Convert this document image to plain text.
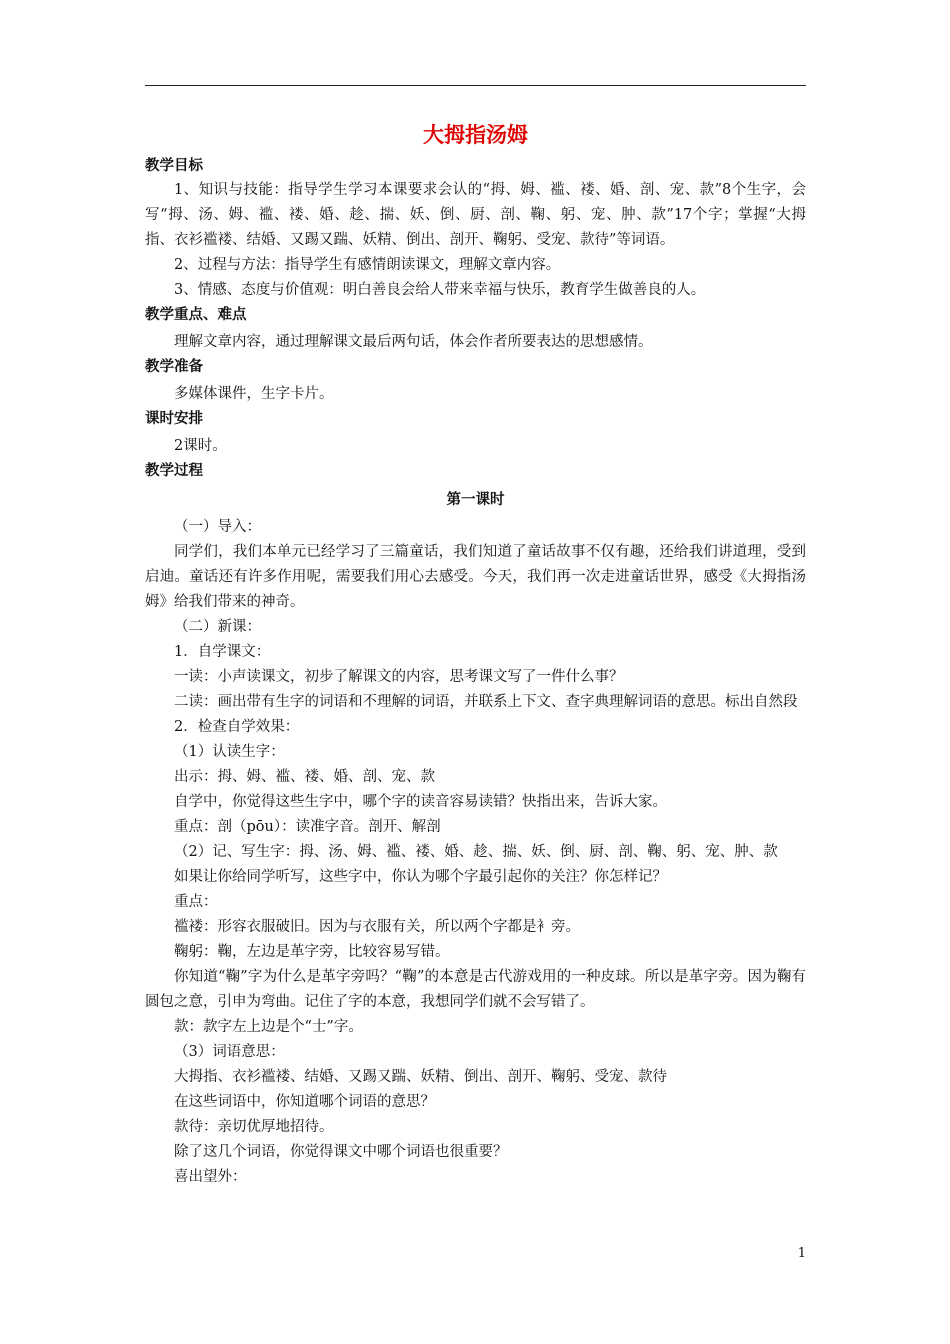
大拇指汤姆
教学目标

1、知识与技能：指导学生学习本课要求会认的“拇、姆、褴、褛、婚、剖、宠、款”8个生字，会写“拇、汤、姆、褴、褛、婚、趁、揣、妖、倒、厨、剖、鞠、躬、宠、肿、款”17个字；掌握“大拇指、衣衫褴褛、结婚、又踢又踹、妖精、倒出、剖开、鞠躬、受宠、款待”等词语。

2、过程与方法：指导学生有感情朗读课文，理解文章内容。

3、情感、态度与价值观：明白善良会给人带来幸福与快乐，教育学生做善良的人。

教学重点、难点

理解文章内容，通过理解课文最后两句话，体会作者所要表达的思想感情。

教学准备

多媒体课件，生字卡片。

课时安排

2课时。

教学过程
第一课时

（一）导入：

同学们，我们本单元已经学习了三篇童话，我们知道了童话故事不仅有趣，还给我们讲道理，受到启迪。童话还有许多作用呢，需要我们用心去感受。今天，我们再一次走进童话世界，感受《大拇指汤姆》给我们带来的神奇。

（二）新课：

1．自学课文：

一读：小声读课文，初步了解课文的内容，思考课文写了一件什么事？

二读：画出带有生字的词语和不理解的词语，并联系上下文、查字典理解词语的意思。标出自然段

2．检查自学效果：

（1）认读生字：

出示：拇、姆、褴、褛、婚、剖、宠、款

自学中，你觉得这些生字中，哪个字的读音容易读错？快指出来，告诉大家。

重点：剖（pōu）：读准字音。剖开、解剖

（2）记、写生字：拇、汤、姆、褴、褛、婚、趁、揣、妖、倒、厨、剖、鞠、躬、宠、肿、款

如果让你给同学听写，这些字中，你认为哪个字最引起你的关注？你怎样记？

重点：

褴褛：形容衣服破旧。因为与衣服有关，所以两个字都是衤旁。

鞠躬：鞠，左边是革字旁，比较容易写错。

你知道“鞠”字为什么是革字旁吗？“鞠”的本意是古代游戏用的一种皮球。所以是革字旁。因为鞠有圆包之意，引申为弯曲。记住了字的本意，我想同学们就不会写错了。

款：款字左上边是个“士”字。

（3）词语意思：

大拇指、衣衫褴褛、结婚、又踢又踹、妖精、倒出、剖开、鞠躬、受宠、款待

在这些词语中，你知道哪个词语的意思？

款待：亲切优厚地招待。

除了这几个词语，你觉得课文中哪个词语也很重要？

喜出望外：

1
